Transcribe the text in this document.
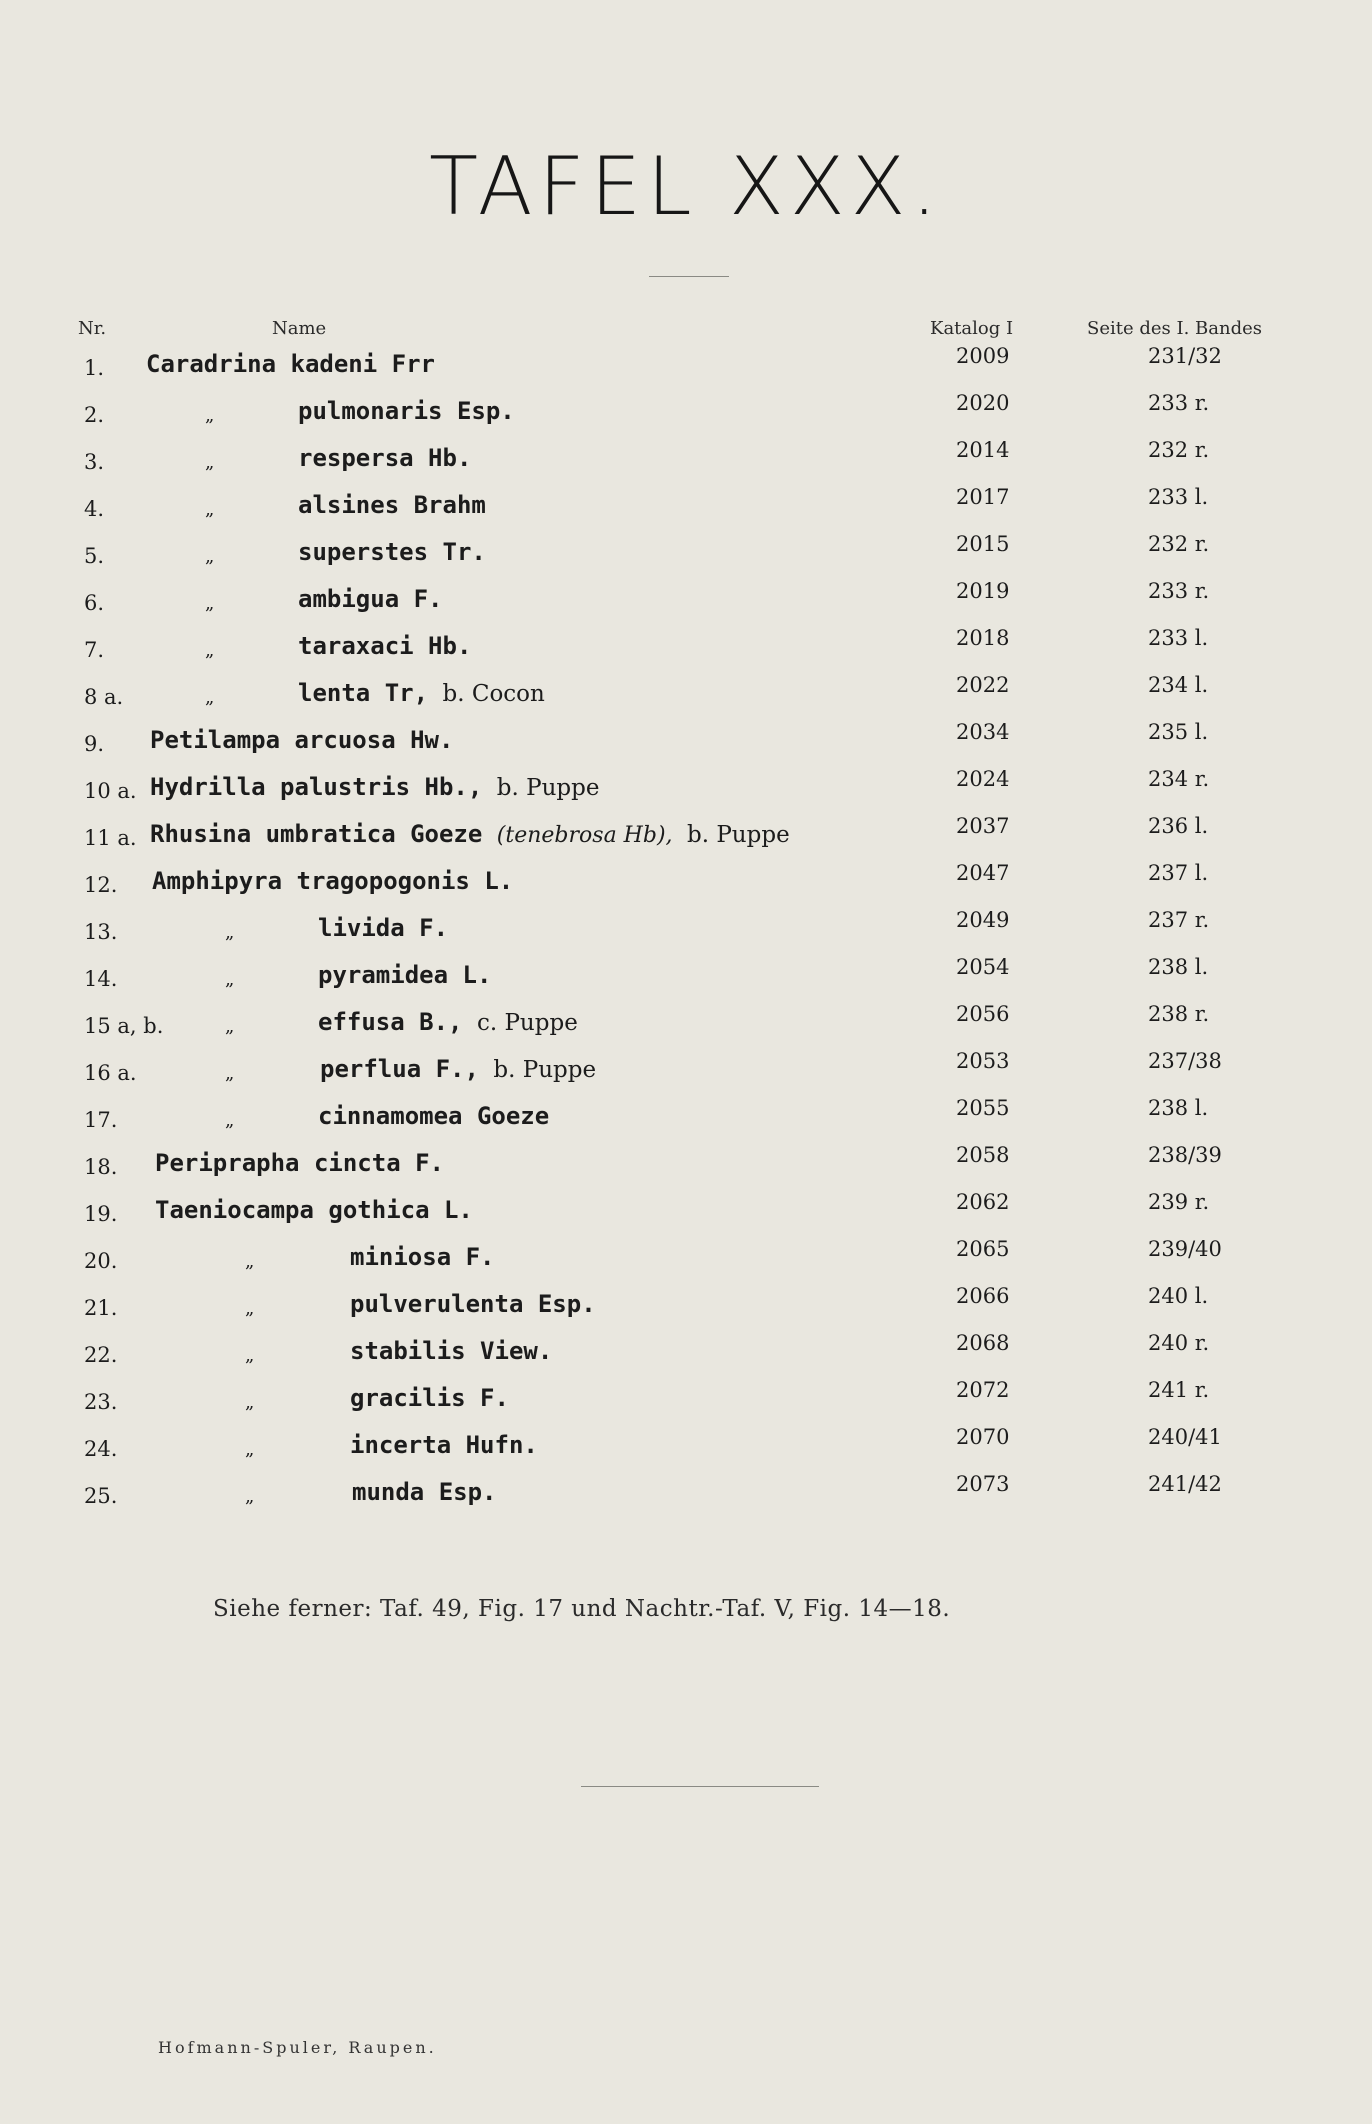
TAFEL XXX.
Nr.	Name	Katalog I	Seite des I. Bandes
1. Caradrina kadeni Frr	2009	231/32
2.	„	pulmonaris Esp.	2020	233 r.
3.	„	respersa Hb.	2014	232 r.
4.	„	alsines Brahm	2017	233 l.
5.	„	superstes Tr.	2015	232 r.
6.	„	ambigua F.	2019	233 r.
7.	„	taraxaci Hb.	2018	233 l.
8 a.	„	lenta Tr, b. Cocon	2022	234 l.
9. Petilampa arcuosa Hw.	2034	235 l.
10 a. Hydrilla palustris Hb., b. Puppe	2024	234 r.
11 a. Rhusina umbratica Goeze (tenebrosa Hb), b. Puppe	2037	236 l.
12. Amphipyra tragopogonis L.	2047	237 l.
13.	„	livida F.	2049	237 r.
14.	„	pyramidea L.	2054	238 l.
15 a, b.	„	effusa B., c. Puppe	2056	238 r.
16 a.	„	perflua F., b. Puppe	2053	237/38
17.	„	cinnamomea Goeze	2055	238 l.
18. Periprapha cincta F.	2058	238/39
19. Taeniocampa gothica L.	2062	239 r.
20.	„	miniosa F.	2065	239/40
21.	„	pulverulenta Esp.	2066	240 l.
22.	„	stabilis View.	2068	240 r.
23.	„	gracilis F.	2072	241 r.
24.	„	incerta Hufn.	2070	240/41
25.	„	munda Esp.	2073	241/42
Siehe ferner: Taf. 49, Fig. 17 und Nachtr.-Taf. V, Fig. 14—18.
Hofmann-Spuler, Raupen.
